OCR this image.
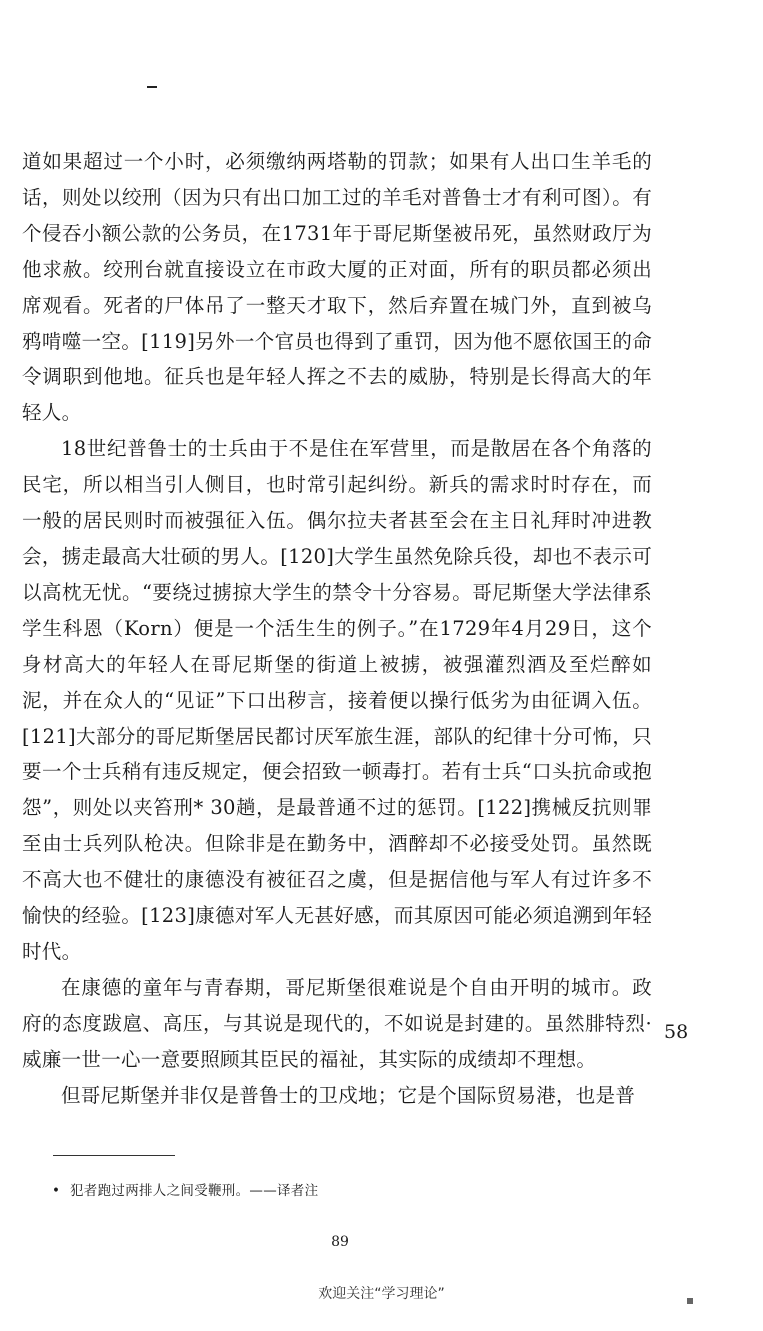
道如果超过一个小时，必须缴纳两塔勒的罚款；如果有人出口生羊毛的话，则处以绞刑（因为只有出口加工过的羊毛对普鲁士才有利可图）。有个侵吞小额公款的公务员，在1731年于哥尼斯堡被吊死，虽然财政厅为他求赦。绞刑台就直接设立在市政大厦的正对面，所有的职员都必须出席观看。死者的尸体吊了一整天才取下，然后弃置在城门外，直到被乌鸦啃噬一空。[119]另外一个官员也得到了重罚，因为他不愿依国王的命令调职到他地。征兵也是年轻人挥之不去的威胁，特别是长得高大的年轻人。

18世纪普鲁士的士兵由于不是住在军营里，而是散居在各个角落的民宅，所以相当引人侧目，也时常引起纠纷。新兵的需求时时存在，而一般的居民则时而被强征入伍。偶尔拉夫者甚至会在主日礼拜时冲进教会，掳走最高大壮硕的男人。[120]大学生虽然免除兵役，却也不表示可以高枕无忧。“要绕过掳掠大学生的禁令十分容易。哥尼斯堡大学法律系学生科恩（Korn）便是一个活生生的例子。”在1729年4月29日，这个身材高大的年轻人在哥尼斯堡的街道上被掳，被强灌烈酒及至烂醉如泥，并在众人的“见证”下口出秽言，接着便以操行低劣为由征调入伍。[121]大部分的哥尼斯堡居民都讨厌军旅生涯，部队的纪律十分可怖，只要一个士兵稍有违反规定，便会招致一顿毒打。若有士兵“口头抗命或抱怨”，则处以夹笞刑* 30趟，是最普通不过的惩罚。[122]携械反抗则罪至由士兵列队枪决。但除非是在勤务中，酒醉却不必接受处罚。虽然既不高大也不健壮的康德没有被征召之虞，但是据信他与军人有过许多不愉快的经验。[123]康德对军人无甚好感，而其原因可能必须追溯到年轻时代。

在康德的童年与青春期，哥尼斯堡很难说是个自由开明的城市。政府的态度跋扈、高压，与其说是现代的，不如说是封建的。虽然腓特烈·威廉一世一心一意要照顾其臣民的福祉，其实际的成绩却不理想。

但哥尼斯堡并非仅是普鲁士的卫戍地；它是个国际贸易港，也是普

58
• 犯者跑过两排人之间受鞭刑。——译者注
89
欢迎关注“学习理论”
